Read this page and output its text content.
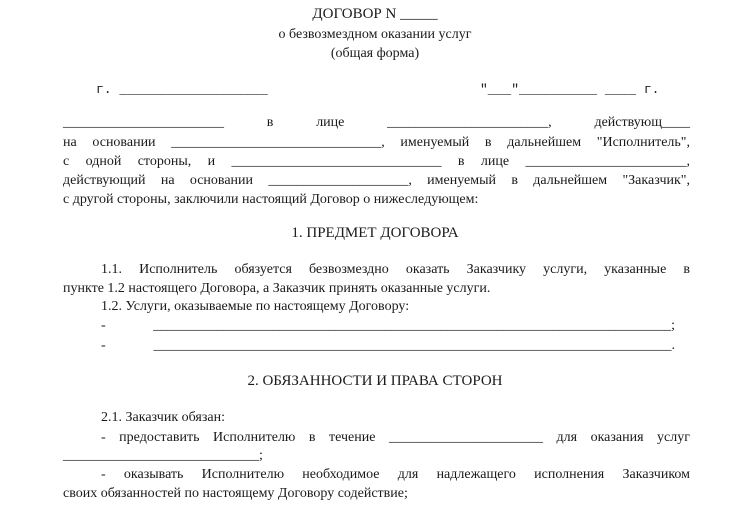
ДОГОВОР N _____
о безвозмездном оказании услуг
(общая форма)
г. ___________________	"___"__________ ____ г.
_______________________ в лице _______________________, действующ____
на основании ______________________________, именуемый в дальнейшем "Исполнитель",
с одной стороны, и ______________________________ в лице _______________________,
действующий на основании ____________________, именуемый в дальнейшем "Заказчик",
с другой стороны, заключили настоящий Договор о нижеследующем:
1. ПРЕДМЕТ ДОГОВОРА
1.1. Исполнитель обязуется безвозмездно оказать Заказчику услуги, указанные в
пункте 1.2 настоящего Договора, а Заказчик принять оказанные услуги.
1.2. Услуги, оказываемые по настоящему Договору:
- __________________________________________________________________________;
- __________________________________________________________________________.
2. ОБЯЗАННОСТИ И ПРАВА СТОРОН
2.1. Заказчик обязан:
- предоставить Исполнителю в течение ______________________ для оказания услуг
____________________________;
- оказывать Исполнителю необходимое для надлежащего исполнения Заказчиком
своих обязанностей по настоящему Договору содействие;
